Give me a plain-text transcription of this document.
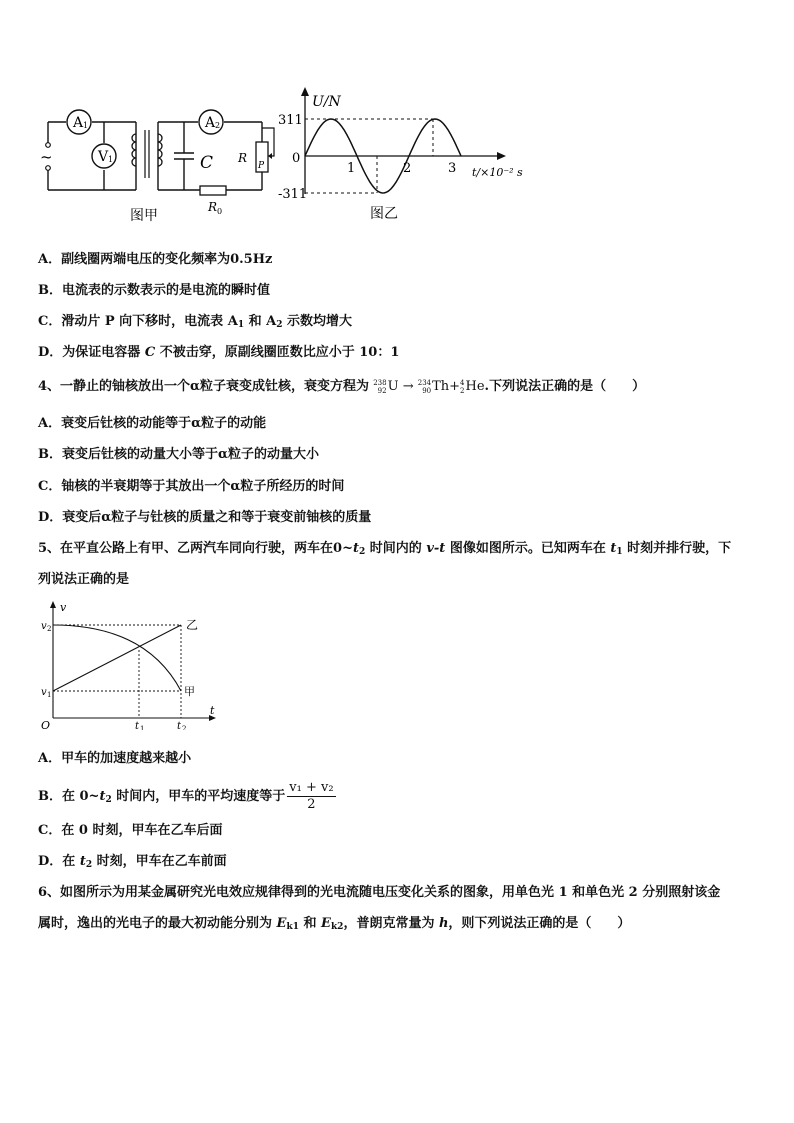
~
A 1
V 1
A 2
C R
P
R 0
图甲
U/N
311
0
-311
1	2	3 t/×10⁻² s
图乙
A．副线圈两端电压的变化频率为0.5Hz
B．电流表的示数表示的是电流的瞬时值
C．滑动片 P 向下移时，电流表 $A_1$ 和 $A_2$ 示数均增大
D．为保证电容器 C 不被击穿，原副线圈匝数比应小于 10：1
4、一静止的铀核放出一个α粒子衰变成钍核，衰变方程为 238
92U → 234
90Th+4
2He.下列说法正确的是（　　）
A．衰变后钍核的动能等于α粒子的动能
B．衰变后钍核的动量大小等于α粒子的动量大小
C．铀核的半衰期等于其放出一个α粒子所经历的时间
D．衰变后α粒子与钍核的质量之和等于衰变前铀核的质量
5、在平直公路上有甲、乙两汽车同向行驶，两车在$0\sim t_2$ 时间内的 v-t 图像如图所示。已知两车在 $t_1$ 时刻并排行驶，下
列说法正确的是
v
t
O
v 2
v 1
t 1	t 2
乙
甲
A．甲车的加速度越来越小
B．在 $0\sim t_2$ 时间内，甲车的平均速度等于 $\frac{\text{v₁ + v₂}}{2}$
C．在 0 时刻，甲车在乙车后面
D．在 $t_2$ 时刻，甲车在乙车前面
6、如图所示为用某金属研究光电效应规律得到的光电流随电压变化关系的图象，用单色光 1 和单色光 2 分别照射该金
属时，逸出的光电子的最大初动能分别为 $E_{k1}$ 和 $E_{k2}$，普朗克常量为 h，则下列说法正确的是（　　）
